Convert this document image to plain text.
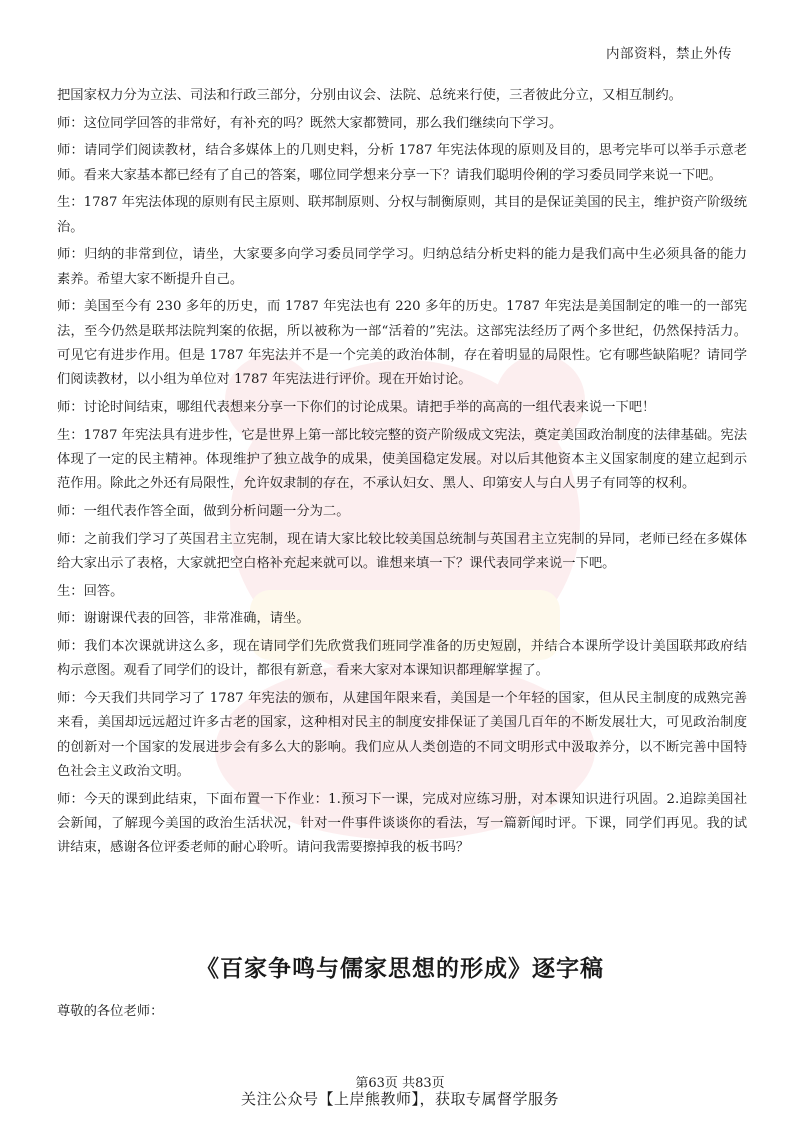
内部资料，禁止外传

把国家权力分为立法、司法和行政三部分，分别由议会、法院、总统来行使，三者彼此分立，又相互制约。

师：这位同学回答的非常好，有补充的吗？既然大家都赞同，那么我们继续向下学习。

师：请同学们阅读教材，结合多媒体上的几则史料，分析 1787 年宪法体现的原则及目的，思考完毕可以举手示意老师。看来大家基本都已经有了自己的答案，哪位同学想来分享一下？请我们聪明伶俐的学习委员同学来说一下吧。

生：1787 年宪法体现的原则有民主原则、联邦制原则、分权与制衡原则，其目的是保证美国的民主，维护资产阶级统治。

师：归纳的非常到位，请坐，大家要多向学习委员同学学习。归纳总结分析史料的能力是我们高中生必须具备的能力素养。希望大家不断提升自己。

师：美国至今有 230 多年的历史，而 1787 年宪法也有 220 多年的历史。1787 年宪法是美国制定的唯一的一部宪法，至今仍然是联邦法院判案的依据，所以被称为一部“活着的”宪法。这部宪法经历了两个多世纪，仍然保持活力。可见它有进步作用。但是 1787 年宪法并不是一个完美的政治体制，存在着明显的局限性。它有哪些缺陷呢？请同学们阅读教材，以小组为单位对 1787 年宪法进行评价。现在开始讨论。

师：讨论时间结束，哪组代表想来分享一下你们的讨论成果。请把手举的高高的一组代表来说一下吧！

生：1787 年宪法具有进步性，它是世界上第一部比较完整的资产阶级成文宪法，奠定美国政治制度的法律基础。宪法体现了一定的民主精神。体现维护了独立战争的成果，使美国稳定发展。对以后其他资本主义国家制度的建立起到示范作用。除此之外还有局限性，允许奴隶制的存在，不承认妇女、黑人、印第安人与白人男子有同等的权利。

师：一组代表作答全面，做到分析问题一分为二。

师：之前我们学习了英国君主立宪制，现在请大家比较比较美国总统制与英国君主立宪制的异同，老师已经在多媒体给大家出示了表格，大家就把空白格补充起来就可以。谁想来填一下？课代表同学来说一下吧。

生：回答。

师：谢谢课代表的回答，非常准确，请坐。

师：我们本次课就讲这么多，现在请同学们先欣赏我们班同学准备的历史短剧，并结合本课所学设计美国联邦政府结构示意图。观看了同学们的设计，都很有新意，看来大家对本课知识都理解掌握了。

师：今天我们共同学习了 1787 年宪法的颁布，从建国年限来看，美国是一个年轻的国家，但从民主制度的成熟完善来看，美国却远远超过许多古老的国家，这种相对民主的制度安排保证了美国几百年的不断发展壮大，可见政治制度的创新对一个国家的发展进步会有多么大的影响。我们应从人类创造的不同文明形式中汲取养分，以不断完善中国特色社会主义政治文明。

师：今天的课到此结束，下面布置一下作业：1.预习下一课，完成对应练习册，对本课知识进行巩固。2.追踪美国社会新闻，了解现今美国的政治生活状况，针对一件事件谈谈你的看法，写一篇新闻时评。下课，同学们再见。我的试讲结束，感谢各位评委老师的耐心聆听。请问我需要擦掉我的板书吗？

《百家争鸣与儒家思想的形成》逐字稿
尊敬的各位老师：
第63页 共83页
关注公众号【上岸熊教师】，获取专属督学服务
